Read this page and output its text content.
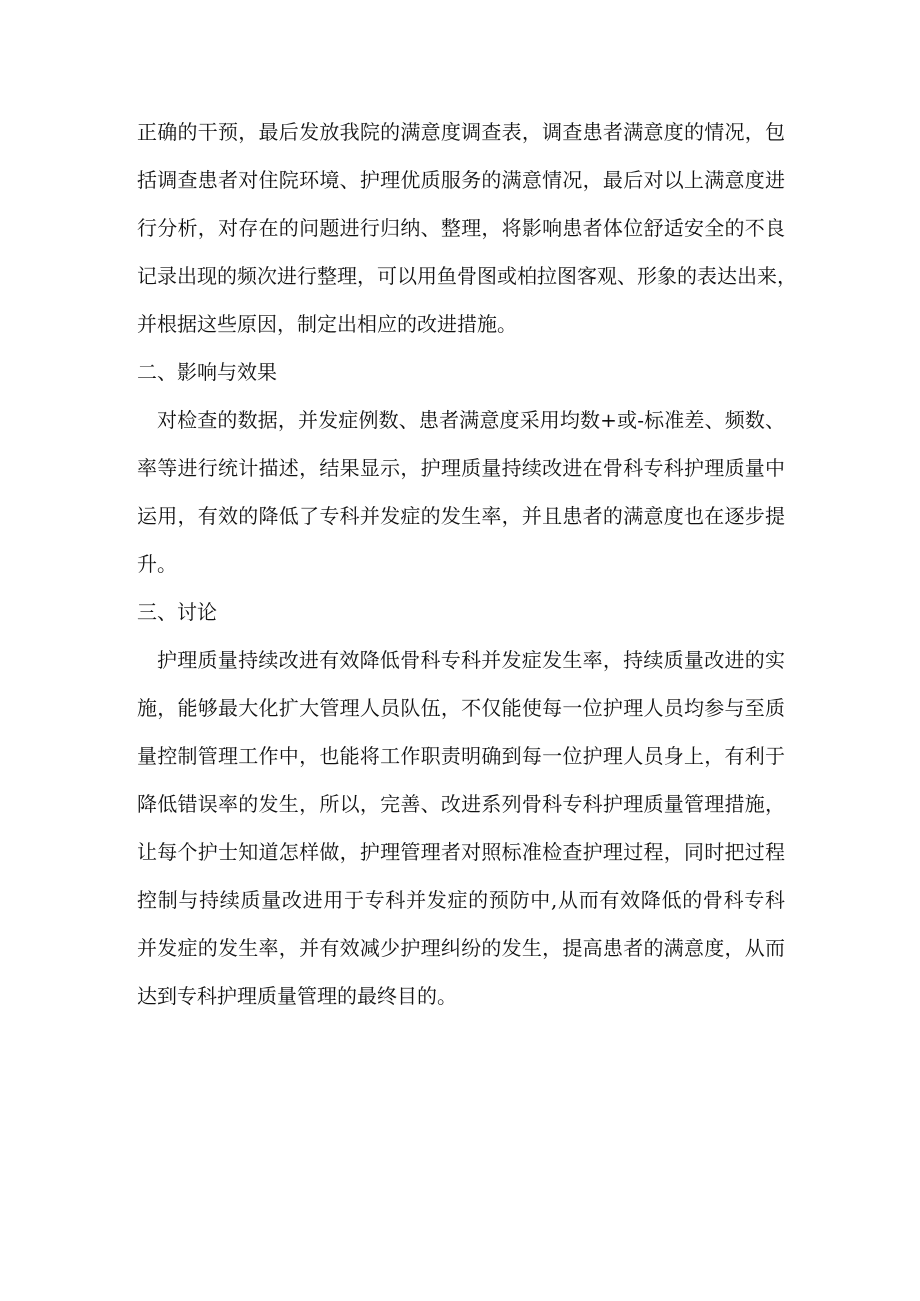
正确的干预，最后发放我院的满意度调查表，调查患者满意度的情况，包
括调查患者对住院环境、护理优质服务的满意情况，最后对以上满意度进
行分析，对存在的问题进行归纳、整理，将影响患者体位舒适安全的不良
记录出现的频次进行整理，可以用鱼骨图或柏拉图客观、形象的表达出来，
并根据这些原因，制定出相应的改进措施。
二、影响与效果
对检查的数据，并发症例数、患者满意度采用均数+或-标准差、频数、
率等进行统计描述，结果显示，护理质量持续改进在骨科专科护理质量中
运用，有效的降低了专科并发症的发生率，并且患者的满意度也在逐步提
升。
三、讨论
护理质量持续改进有效降低骨科专科并发症发生率，持续质量改进的实
施，能够最大化扩大管理人员队伍，不仅能使每一位护理人员均参与至质
量控制管理工作中，也能将工作职责明确到每一位护理人员身上，有利于
降低错误率的发生，所以，完善、改进系列骨科专科护理质量管理措施，
让每个护士知道怎样做，护理管理者对照标准检查护理过程，同时把过程
控制与持续质量改进用于专科并发症的预防中,从而有效降低的骨科专科
并发症的发生率，并有效减少护理纠纷的发生，提高患者的满意度，从而
达到专科护理质量管理的最终目的。
